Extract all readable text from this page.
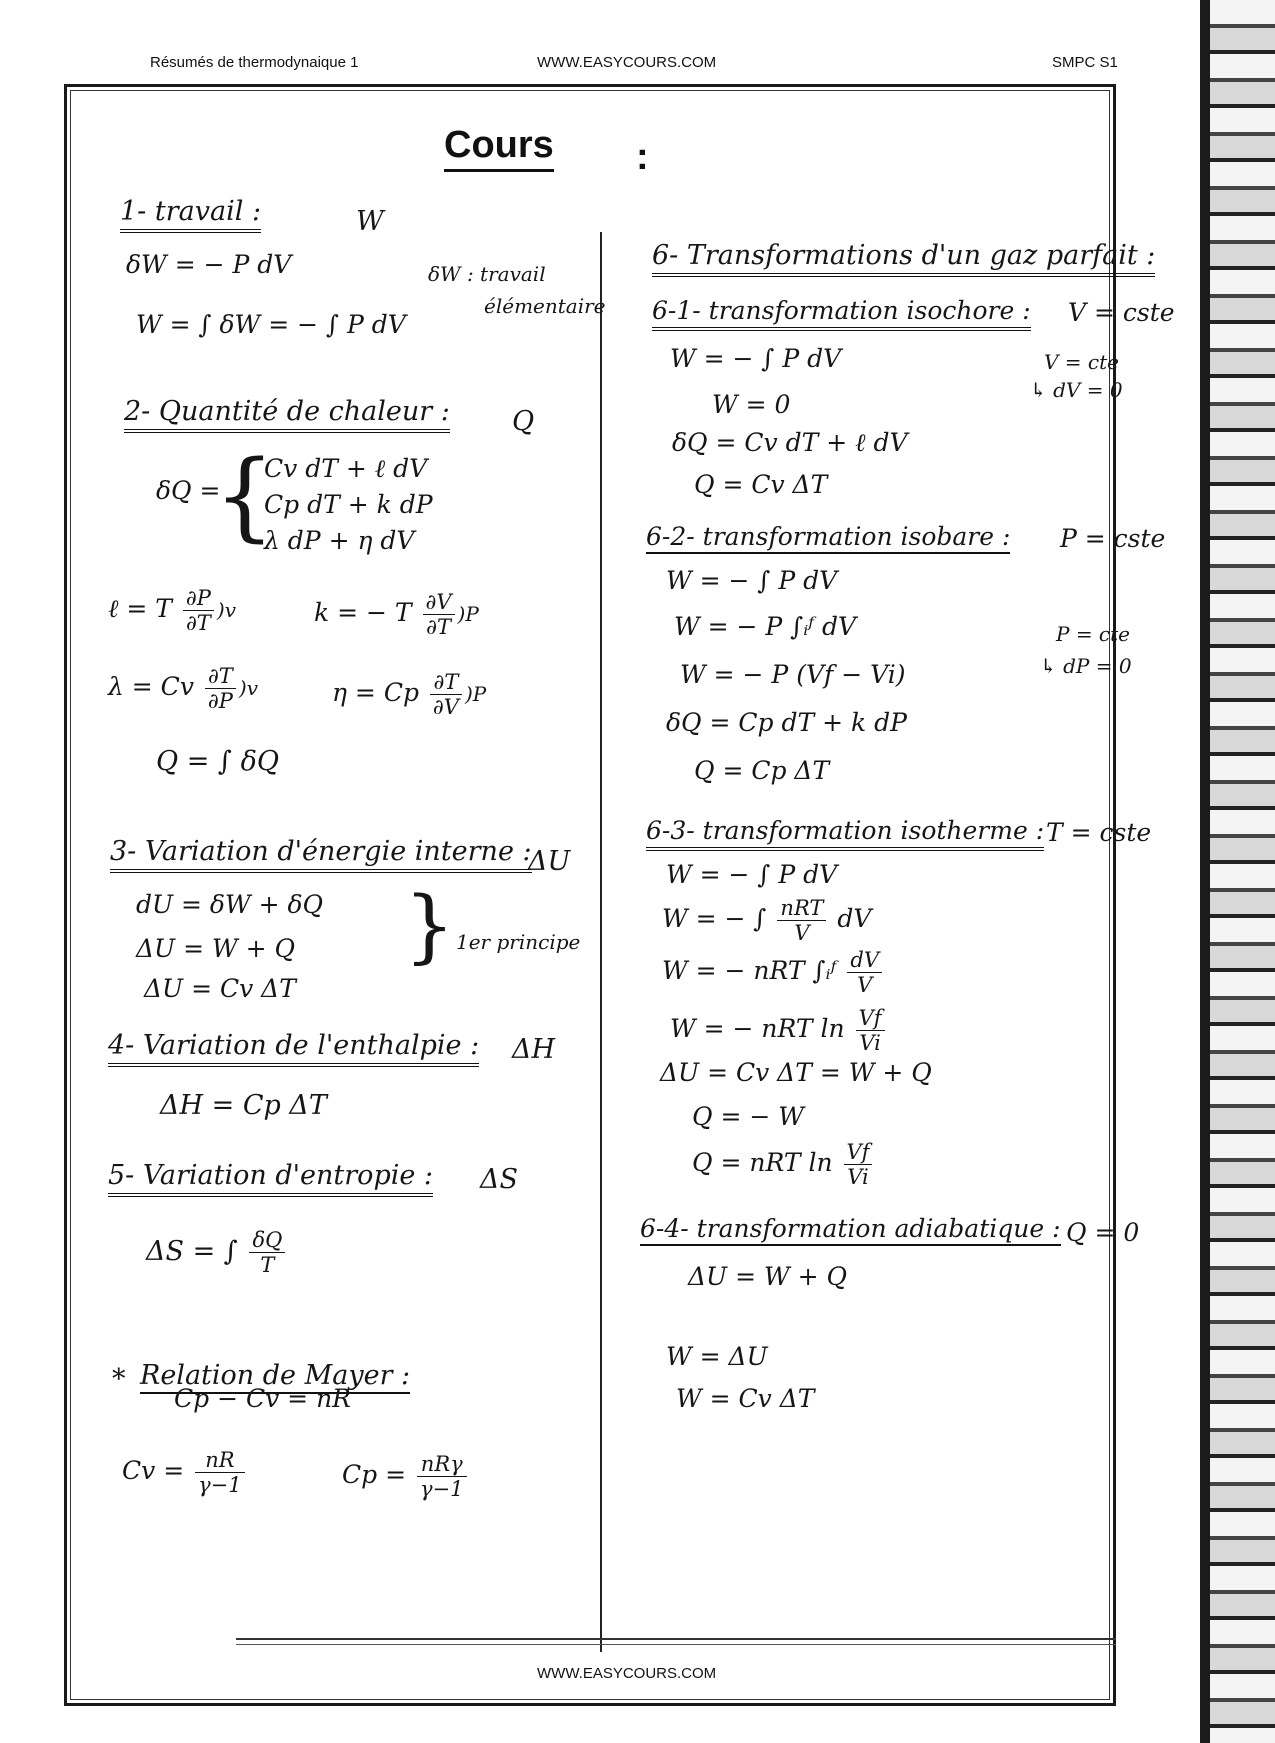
Résumés de thermodynaique 1	WWW.EASYCOURS.COM	SMPC S1
WWW.EASYCOURS.COM
Cours :
1- travail :	W
δW = − P dV	δW : travail
élémentaire
W = ∫ δW = − ∫ P dV
2- Quantité de chaleur : Q
δQ =
{
Cv dT + ℓ dV
Cp dT + k dP
λ dP + η dV
ℓ = T $\frac{\partial P}{\partial T} )v$	k = − T $\frac{\partial V}{\partial T} )P$
λ = Cv $\frac{\partial T}{\partial P} )v$	η = Cp $\frac{\partial T}{\partial V} )P$
Q = ∫ δQ
3- Variation d'énergie interne :
ΔU
dU = δW + δQ
ΔU = W + Q
ΔU = Cv ΔT
} 1er principe
4- Variation de l'enthalpie : ΔH
ΔH = Cp ΔT
5- Variation d'entropie : ΔS
ΔS = ∫ $\frac{\delta Q}{T}$
* Relation de Mayer :
Cp − Cv = nR
$Cv = \frac{nR}{\gamma-1}$	$Cp = \frac{\text{nRγ}}{\gamma-1}$
6- Transformations d'un gaz parfait :
6-1- transformation isochore : V = cste
W = − ∫ P dV
W = 0
V = cte
↳ dV = 0
δQ = Cv dT + ℓ dV
Q = Cv ΔT
6-2- transformation isobare : P = cste
W = − ∫ P dV
W = − P ∫ᵢᶠ dV
W = − P (Vf − Vi)
P = cte
↳ dP = 0
δQ = Cp dT + k dP
Q = Cp ΔT
6-3- transformation isotherme : T = cste
W = − ∫ P dV
W = − ∫ $\frac{\text{nRT}}{V}$ dV
W = − nRT ∫ᵢᶠ $\frac{dV}{V}$
W = − nRT $\ln \frac{Vf}{Vi}$
ΔU = Cv ΔT = W + Q
Q = − W
Q = nRT $\ln \frac{Vf}{Vi}$
6-4- transformation adiabatique : Q = 0
ΔU = W + Q
W = ΔU
W = Cv ΔT
